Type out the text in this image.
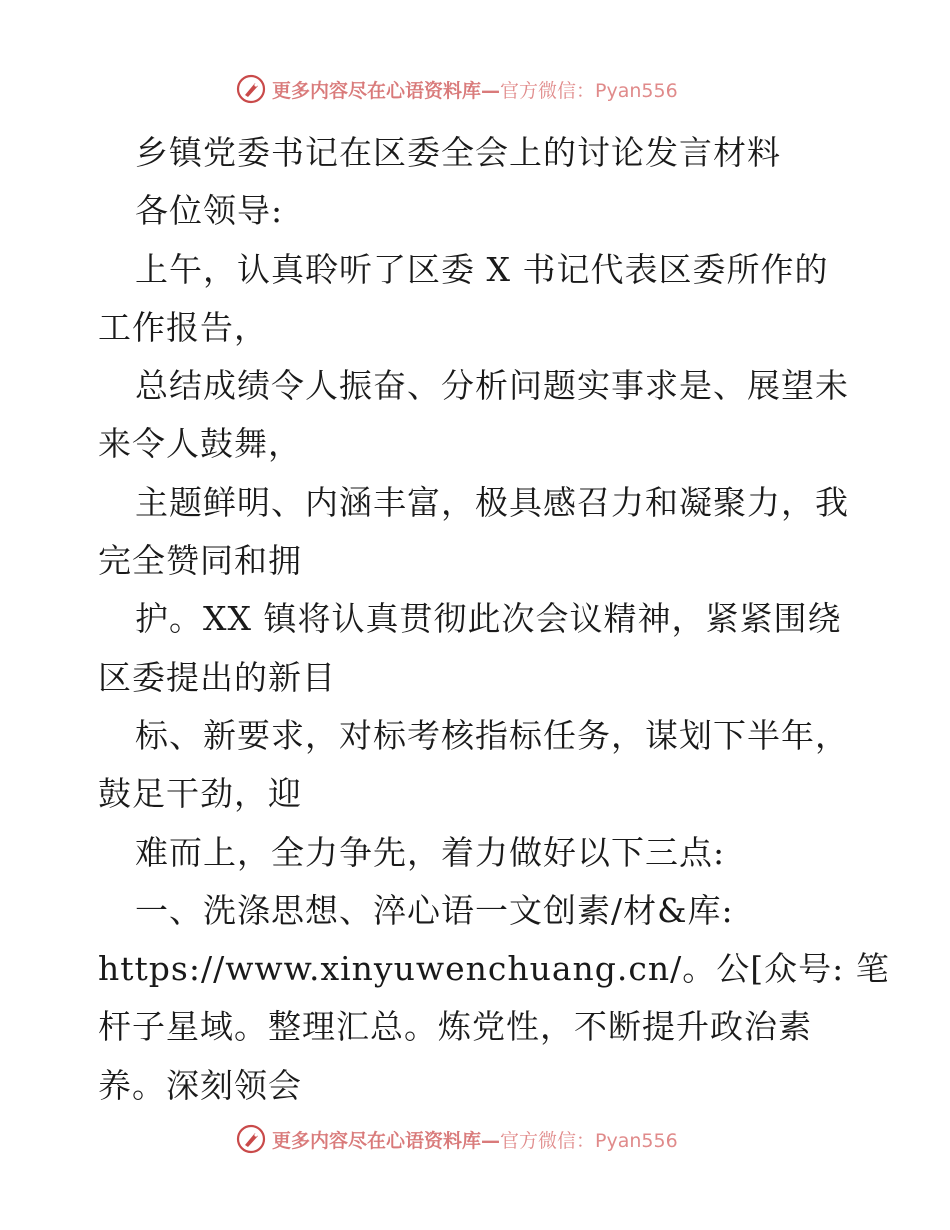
更多内容尽在心语资料库—官方微信：Pyan556
乡镇党委书记在区委全会上的讨论发言材料
各位领导:
上午，认真聆听了区委 X 书记代表区委所作的
工作报告，
总结成绩令人振奋、分析问题实事求是、展望未
来令人鼓舞，
主题鲜明、内涵丰富，极具感召力和凝聚力，我
完全赞同和拥
护。XX 镇将认真贯彻此次会议精神，紧紧围绕
区委提出的新目
标、新要求，对标考核指标任务，谋划下半年，
鼓足干劲，迎
难而上，全力争先，着力做好以下三点:
一、洗涤思想、淬心语一文创素/材&库:
https://www.xinyuwenchuang.cn/。公[众号: 笔
杆子星域。整理汇总。炼党性，不断提升政治素
养。深刻领会
更多内容尽在心语资料库—官方微信：Pyan556
